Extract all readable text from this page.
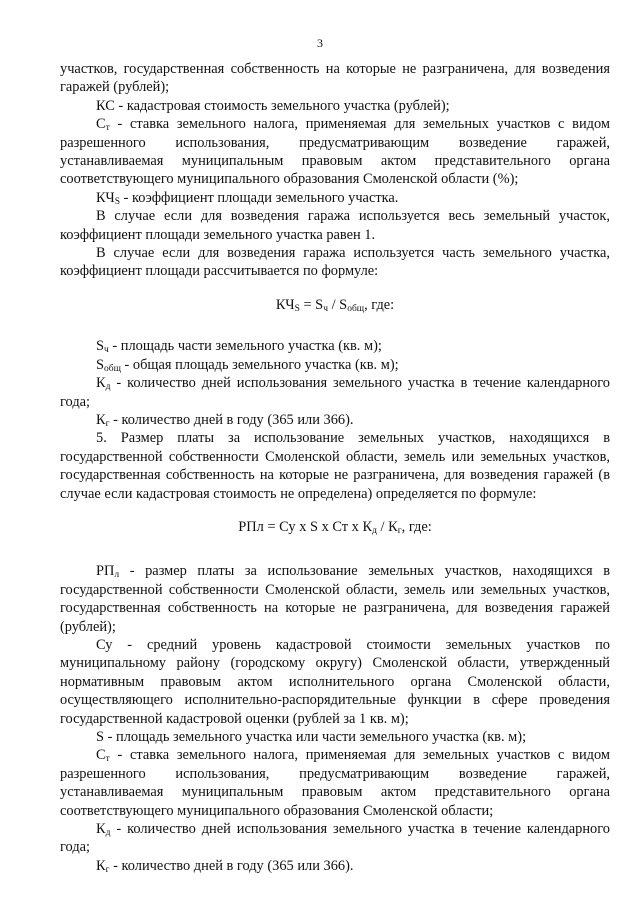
3

участков, государственная собственность на которые не разграничена, для возведения гаражей (рублей);

КС - кадастровая стоимость земельного участка (рублей);

$С_т$ - ставка земельного налога, применяемая для земельных участков с видом разрешенного использования, предусматривающим возведение гаражей, устанавливаемая муниципальным правовым актом представительного органа соответствующего муниципального образования Смоленской области (%);

$КЧ_S$ - коэффициент площади земельного участка.

В случае если для возведения гаража используется весь земельный участок, коэффициент площади земельного участка равен 1.

В случае если для возведения гаража используется часть земельного участка, коэффициент площади рассчитывается по формуле:

$КЧ_S = S_ч / S_{общ}$, где:

$S_ч$ - площадь части земельного участка (кв. м);

$S_{общ}$ - общая площадь земельного участка (кв. м);

$К_д$ - количество дней использования земельного участка в течение календарного года;

$К_г$ - количество дней в году (365 или 366).

5. Размер платы за использование земельных участков, находящихся в государственной собственности Смоленской области, земель или земельных участков, государственная собственность на которые не разграничена, для возведения гаражей (в случае если кадастровая стоимость не определена) определяется по формуле:

РПл = Су х S х Ст х $К_д / К_г$, где:

$РП_л$ - размер платы за использование земельных участков, находящихся в государственной собственности Смоленской области, земель или земельных участков, государственная собственность на которые не разграничена, для возведения гаражей (рублей);

Су - средний уровень кадастровой стоимости земельных участков по муниципальному району (городскому округу) Смоленской области, утвержденный нормативным правовым актом исполнительного органа Смоленской области, осуществляющего исполнительно-распорядительные функции в сфере проведения государственной кадастровой оценки (рублей за 1 кв. м);

S - площадь земельного участка или части земельного участка (кв. м);

$С_т$ - ставка земельного налога, применяемая для земельных участков с видом разрешенного использования, предусматривающим возведение гаражей, устанавливаемая муниципальным правовым актом представительного органа соответствующего муниципального образования Смоленской области;

$К_д$ - количество дней использования земельного участка в течение календарного года;

$К_г$ - количество дней в году (365 или 366).
